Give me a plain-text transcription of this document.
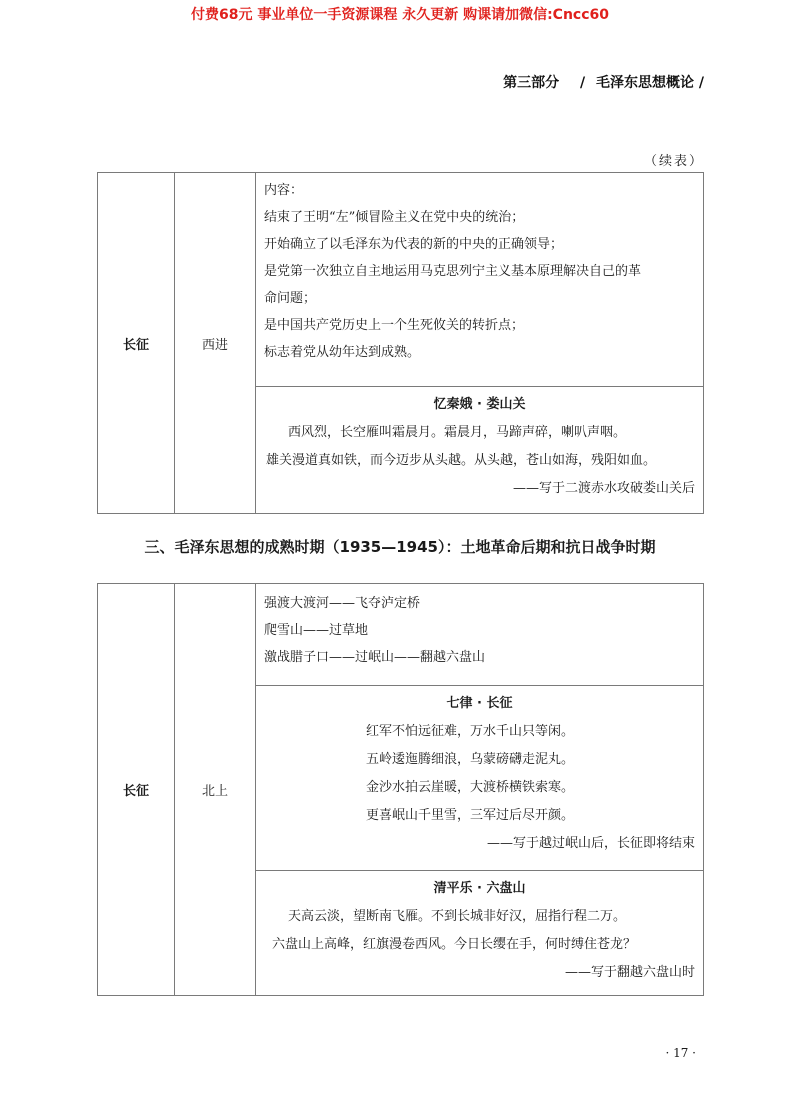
付费68元 事业单位一手资源课程 永久更新 购课请加微信:Cncc60
第三部分 / 毛泽东思想概论 /
（续表）
长征	西进	
内容：
结束了王明“左”倾冒险主义在党中央的统治；
开始确立了以毛泽东为代表的新的中央的正确领导；
是党第一次独立自主地运用马克思列宁主义基本原理解决自己的革
命问题；
是中国共产党历史上一个生死攸关的转折点；
标志着党从幼年达到成熟。

忆秦娥 · 娄山关
西风烈，长空雁叫霜晨月。霜晨月，马蹄声碎，喇叭声咽。
雄关漫道真如铁，而今迈步从头越。从头越，苍山如海，残阳如血。
——写于二渡赤水攻破娄山关后
三、毛泽东思想的成熟时期（1935—1945）：土地革命后期和抗日战争时期
长征	北上	
强渡大渡河——飞夺泸定桥
爬雪山——过草地
激战腊子口——过岷山——翻越六盘山

七律 · 长征
红军不怕远征难，万水千山只等闲。
五岭逶迤腾细浪，乌蒙磅礴走泥丸。
金沙水拍云崖暖，大渡桥横铁索寒。
更喜岷山千里雪，三军过后尽开颜。
——写于越过岷山后，长征即将结束

清平乐 · 六盘山
天高云淡，望断南飞雁。不到长城非好汉，屈指行程二万。
六盘山上高峰，红旗漫卷西风。今日长缨在手，何时缚住苍龙？
——写于翻越六盘山时
· 17 ·
